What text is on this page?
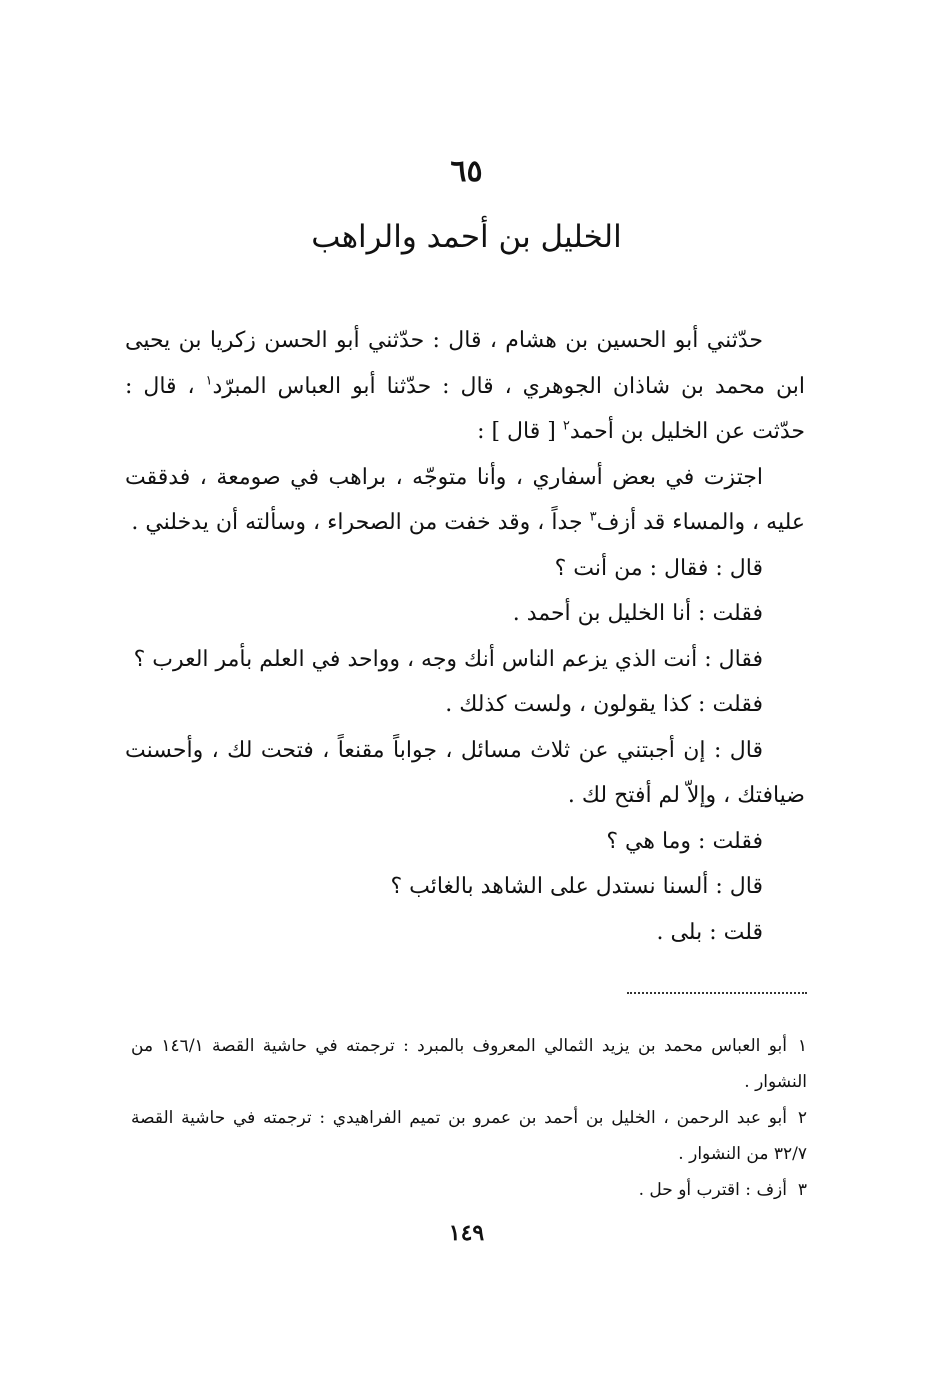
٦٥
الخليل بن أحمد والراهب

حدّثني أبو الحسين بن هشام ، قال : حدّثني أبو الحسن زكريا بن يحيى ابن محمد بن شاذان الجوهري ، قال : حدّثنا أبو العباس المبرّد$^١$ ، قال : حدّثت عن الخليل بن أحمد$^٢$ [ قال ] :

اجتزت في بعض أسفاري ، وأنا متوجّه ، براهب في صومعة ، فدققت عليه ، والمساء قد أزف$^٣$ جداً ، وقد خفت من الصحراء ، وسألته أن يدخلني .

قال : فقال : من أنت ؟

فقلت : أنا الخليل بن أحمد .

فقال : أنت الذي يزعم الناس أنك وجه ، وواحد في العلم بأمر العرب ؟

فقلت : كذا يقولون ، ولست كذلك .

قال : إن أجبتني عن ثلاث مسائل ، جواباً مقنعاً ، فتحت لك ، وأحسنت ضيافتك ، وإلاّ لم أفتح لك .

فقلت : وما هي ؟

قال : ألسنا نستدل على الشاهد بالغائب ؟

قلت : بلى .

١أبو العباس محمد بن يزيد الثمالي المعروف بالمبرد : ترجمته في حاشية القصة ١٤٦/١ من النشوار .

٢أبو عبد الرحمن ، الخليل بن أحمد بن عمرو بن تميم الفراهيدي : ترجمته في حاشية القصة ٣٢/٧ من النشوار .

٣أزف : اقترب أو حل .

١٤٩
